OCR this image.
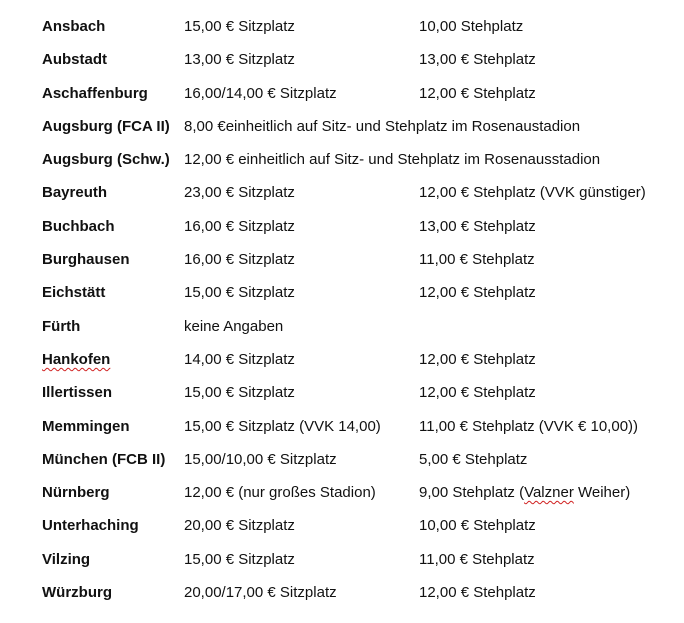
Ansbach	15,00 € Sitzplatz	10,00 Stehplatz
Aubstadt	13,00 € Sitzplatz	13,00 € Stehplatz
Aschaffenburg 16,00/14,00 € Sitzplatz	12,00 € Stehplatz
Augsburg (FCA II) 8,00 €einheitlich auf Sitz- und Stehplatz im Rosenaustadion
Augsburg (Schw.) 12,00 € einheitlich auf Sitz- und Stehplatz im Rosenausstadion
Bayreuth	23,00 € Sitzplatz	12,00 € Stehplatz (VVK günstiger)
Buchbach	16,00 € Sitzplatz	13,00 € Stehplatz
Burghausen	16,00 € Sitzplatz	11,00 € Stehplatz
Eichstätt	15,00 € Sitzplatz	12,00 € Stehplatz
Fürth	keine Angaben
Hankofen	14,00 € Sitzplatz	12,00 € Stehplatz
Illertissen	15,00 € Sitzplatz	12,00 € Stehplatz
Memmingen	15,00 € Sitzplatz (VVK 14,00)	11,00 € Stehplatz (VVK € 10,00))
München (FCB II) 15,00/10,00 € Sitzplatz	5,00 € Stehplatz
Nürnberg	12,00 € (nur großes Stadion)	9,00 Stehplatz (Valzner Weiher)
Unterhaching	20,00 € Sitzplatz	10,00 € Stehplatz
Vilzing	15,00 € Sitzplatz	11,00 € Stehplatz
Würzburg	20,00/17,00 € Sitzplatz	12,00 € Stehplatz
